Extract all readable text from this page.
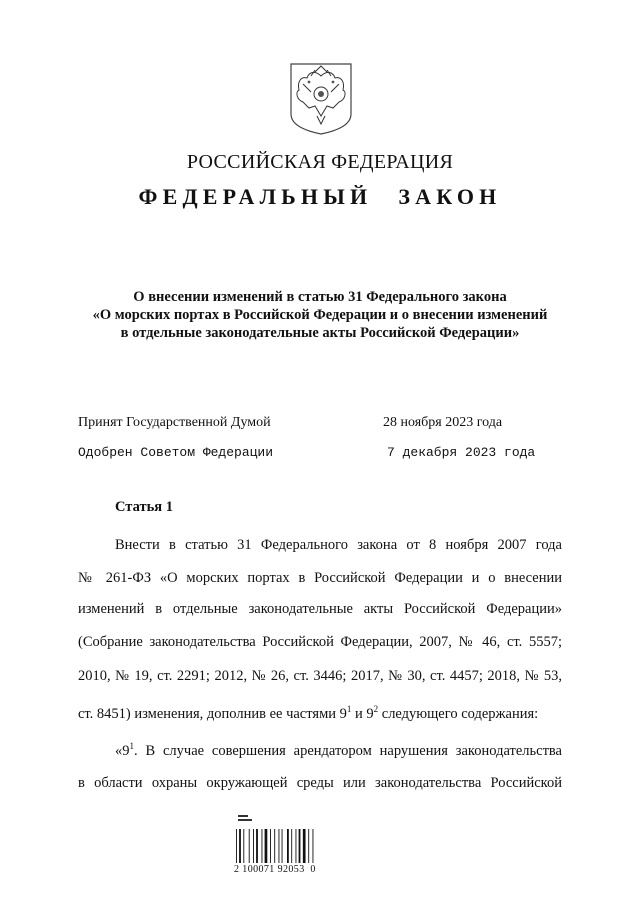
РОССИЙСКАЯ ФЕДЕРАЦИЯ
ФЕДЕРАЛЬНЫЙ ЗАКОН
О внесении изменений в статью 31 Федерального закона
«О морских портах в Российской Федерации и о внесении изменений
в отдельные законодательные акты Российской Федерации»
Принят Государственной Думой	28 ноября 2023 года
Одобрен Советом Федерации	7 декабря 2023 года
Статья 1
Внести в статью 31 Федерального закона от 8 ноября 2007 года
№ 261-ФЗ «О морских портах в Российской Федерации и о внесении
изменений в отдельные законодательные акты Российской Федерации»
(Собрание законодательства Российской Федерации, 2007, № 46, ст. 5557;
2010, № 19, ст. 2291; 2012, № 26, ст. 3446; 2017, № 30, ст. 4457; 2018, № 53,
ст. 8451) изменения, дополнив ее частями $9^1$ и $9^2$ следующего содержания:
«$9^1$. В случае совершения арендатором нарушения законодательства
в области охраны окружающей среды или законодательства Российской
2 100071 92053  0
